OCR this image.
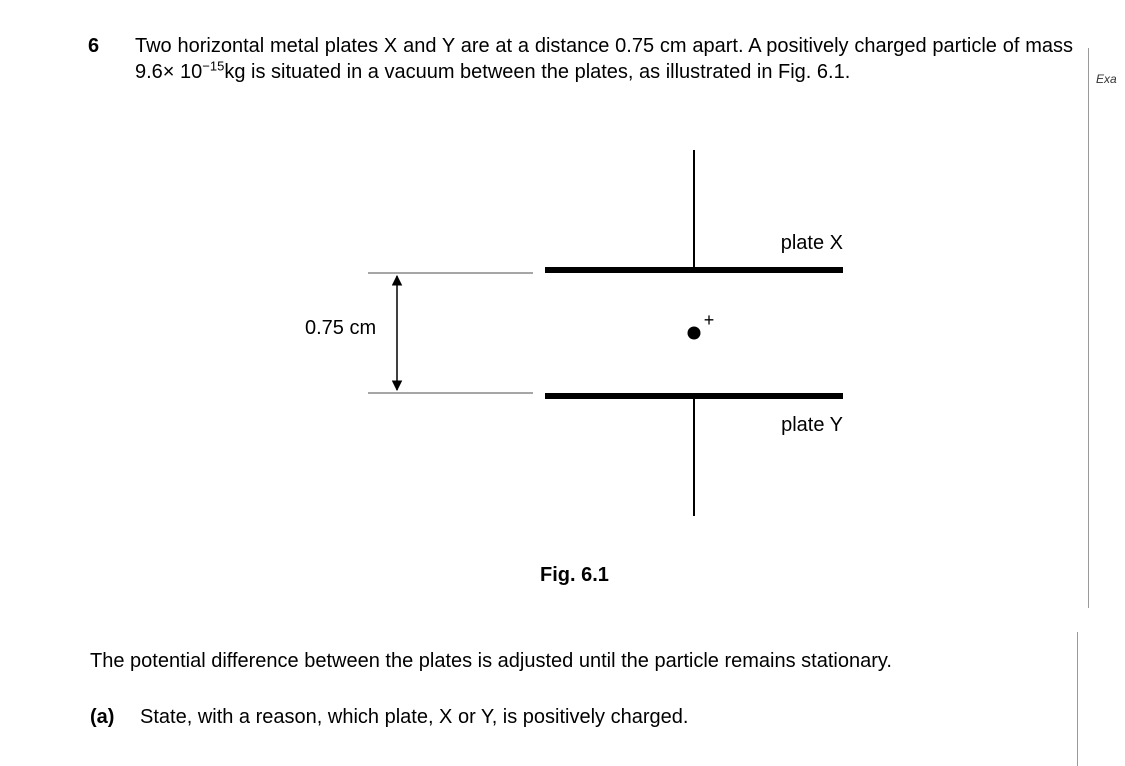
6 Two horizontal metal plates X and Y are at a distance 0.75 cm apart. A positively charged particle of mass $9.6\times 10^{-15}kg$ is situated in a vacuum between the plates, as illustrated in Fig. 6.1.	Exa
+
plate X
plate Y
0.75 cm
Fig. 6.1
The potential difference between the plates is adjusted until the particle remains stationary.
(a) State, with a reason, which plate, X or Y, is positively charged.
